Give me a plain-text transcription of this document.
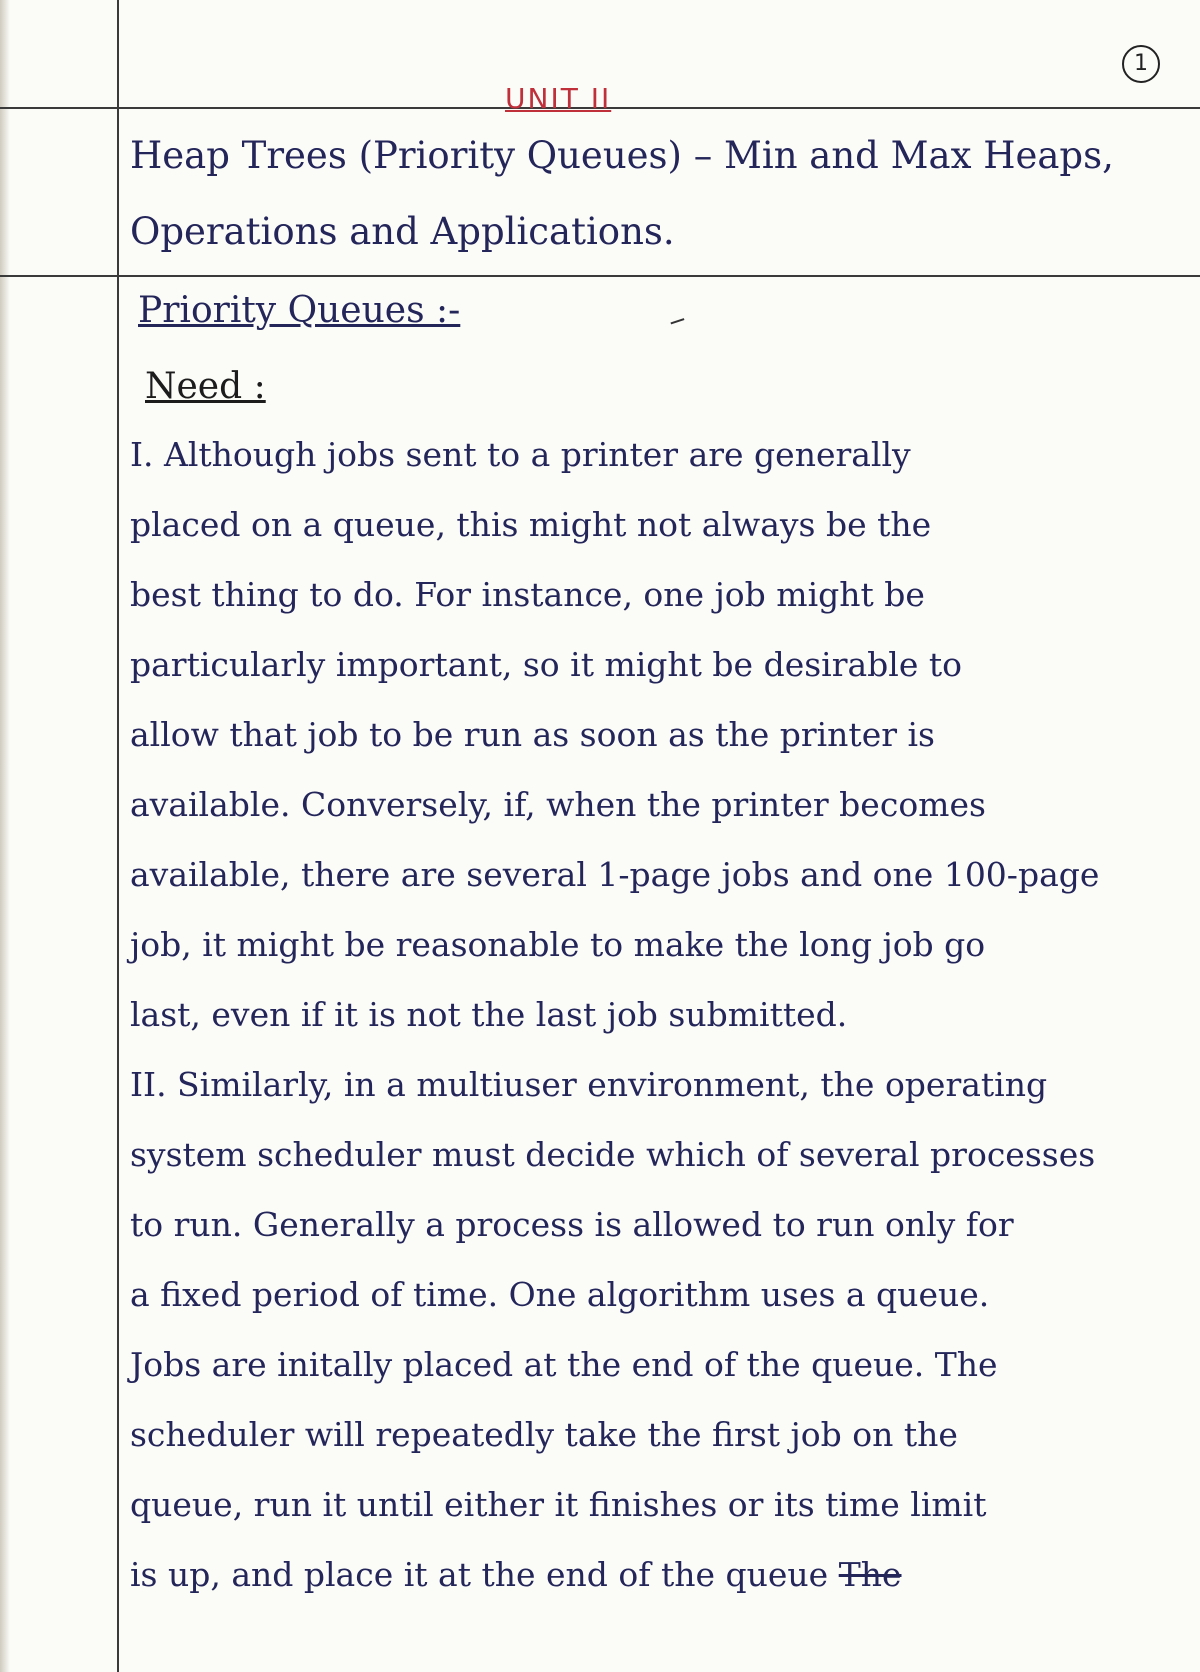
1
UNIT II
Heap Trees (Priority Queues) – Min and Max Heaps,
Operations and Applications.
Priority Queues :-
Need :
I. Although jobs sent to a printer are generally
placed on a queue, this might not always be the
best thing to do. For instance, one job might be
particularly important, so it might be desirable to
allow that job to be run as soon as the printer is
available. Conversely, if, when the printer becomes
available, there are several 1-page jobs and one 100-page
job, it might be reasonable to make the long job go
last, even if it is not the last job submitted.
II. Similarly, in a multiuser environment, the operating
system scheduler must decide which of several processes
to run. Generally a process is allowed to run only for
a fixed period of time. One algorithm uses a queue.
Jobs are initally placed at the end of the queue. The
scheduler will repeatedly take the first job on the
queue, run it until either it finishes or its time limit
is up, and place it at the end of the queue The
